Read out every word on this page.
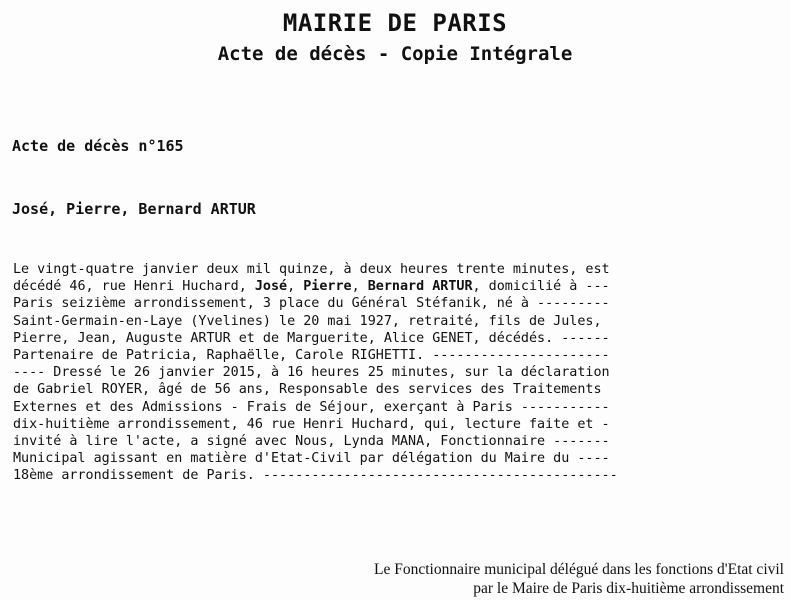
MAIRIE DE PARIS
Acte de décès - Copie Intégrale

Acte de décès n°165

José, Pierre, Bernard ARTUR

Le vingt-quatre janvier deux mil quinze, à deux heures trente minutes, est
décédé 46, rue Henri Huchard, José, Pierre, Bernard ARTUR, domicilié à ---
Paris seizième arrondissement, 3 place du Général Stéfanik, né à ---------
Saint-Germain-en-Laye (Yvelines) le 20 mai 1927, retraité, fils de Jules,
Pierre, Jean, Auguste ARTUR et de Marguerite, Alice GENET, décédés. ------
Partenaire de Patricia, Raphaëlle, Carole RIGHETTI. ----------------------
---- Dressé le 26 janvier 2015, à 16 heures 25 minutes, sur la déclaration
de Gabriel ROYER, âgé de 56 ans, Responsable des services des Traitements
Externes et des Admissions - Frais de Séjour, exerçant à Paris -----------
dix-huitième arrondissement, 46 rue Henri Huchard, qui, lecture faite et -
invité à lire l'acte, a signé avec Nous, Lynda MANA, Fonctionnaire -------
Municipal agissant en matière d'Etat-Civil par délégation du Maire du ----
18ème arrondissement de Paris. --------------------------------------------
Le Fonctionnaire municipal délégué dans les fonctions d'Etat civil
par le Maire de Paris dix-huitième arrondissement
